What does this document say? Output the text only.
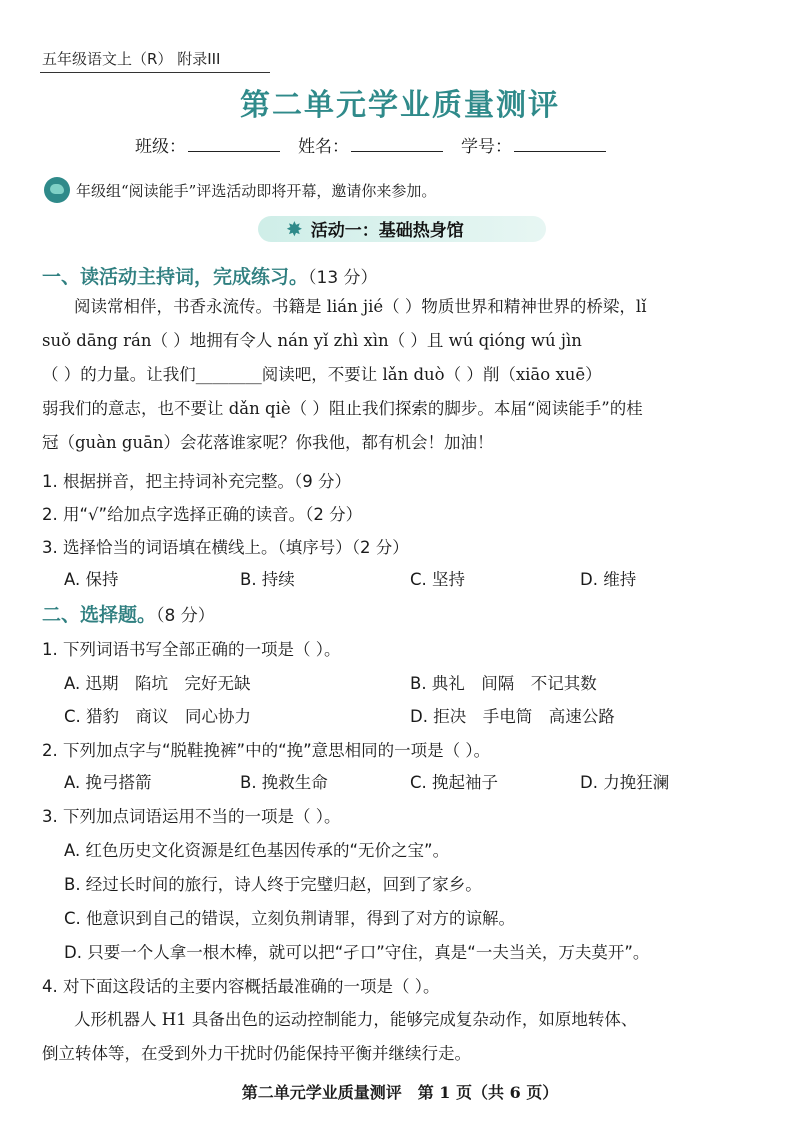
五年级语文上（R） 附录III
第二单元学业质量测评
班级：	姓名：	学号：
年级组“阅读能手”评选活动即将开幕，邀请你来参加。
✸ 活动一：基础热身馆
一、读活动主持词，完成练习。（13 分）
阅读常相伴，书香永流传。书籍是 lián jié（ ）物质世界和精神世界的桥梁，lǐ
suǒ dāng rán（ ）地拥有令人 nán yǐ zhì xìn（ ）且 wú qióng wú jìn
（ ）的力量。让我们________阅读吧，不要让 lǎn duò（ ）削（xiāo xuē）
弱我们的意志，也不要让 dǎn qiè（ ）阻止我们探索的脚步。本届“阅读能手”的桂
冠（guàn guān）会花落谁家呢？你我他，都有机会！加油！
1. 根据拼音，把主持词补充完整。（9 分）
2. 用“√”给加点字选择正确的读音。（2 分）
3. 选择恰当的词语填在横线上。（填序号）（2 分）
A. 保持	B. 持续	C. 坚持	D. 维持
二、选择题。（8 分）
1. 下列词语书写全部正确的一项是（ ）。
A. 迅期　陷坑　完好无缺	B. 典礼　间隔　不记其数
C. 猎豹　商议　同心协力	D. 拒决　手电筒　高速公路
2. 下列加点字与“脱鞋挽裤”中的“挽”意思相同的一项是（ ）。
A. 挽弓搭箭	B. 挽救生命	C. 挽起袖子	D. 力挽狂澜
3. 下列加点词语运用不当的一项是（ ）。
A. 红色历史文化资源是红色基因传承的“无价之宝”。
B. 经过长时间的旅行，诗人终于完璧归赵，回到了家乡。
C. 他意识到自己的错误，立刻负荆请罪，得到了对方的谅解。
D. 只要一个人拿一根木棒，就可以把“孑口”守住，真是“一夫当关，万夫莫开”。
4. 对下面这段话的主要内容概括最准确的一项是（ ）。
人形机器人 H1 具备出色的运动控制能力，能够完成复杂动作，如原地转体、
倒立转体等，在受到外力干扰时仍能保持平衡并继续行走。
第二单元学业质量测评　第 1 页（共 6 页）
